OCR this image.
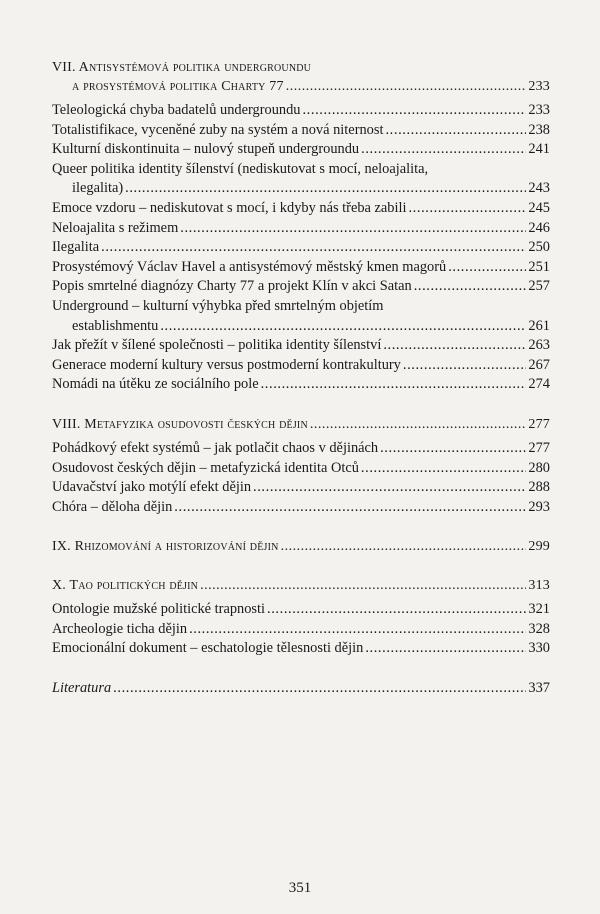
VII. Antisystémová politika undergroundu
a prosystémová politika Charty 77 . . .	233
Teleologická chyba badatelů undergroundu . . .	233
Totalistifikace, vyceněné zuby na systém a nová niternost . . .	238
Kulturní diskontinuita – nulový stupeň undergroundu . . .	241
Queer politika identity šílenství (nediskutovat s mocí, neloajalita,
ilegalita) . . .	243
Emoce vzdoru – nediskutovat s mocí, i kdyby nás třeba zabili . . .	245
Neloajalita s režimem . . .	246
Ilegalita . . .	250
Prosystémový Václav Havel a antisystémový městský kmen magorů . . .	251
Popis smrtelné diagnózy Charty 77 a projekt Klín v akci Satan . . .	257
Underground – kulturní výhybka před smrtelným objetím
establishmentu . . .	261
Jak přežít v šílené společnosti – politika identity šílenství . . .	263
Generace moderní kultury versus postmoderní kontrakultury . . .	267
Nomádi na útěku ze sociálního pole . . .	274
VIII. Metafyzika osudovosti českých dějin . . .	277
Pohádkový efekt systémů – jak potlačit chaos v dějinách . . .	277
Osudovost českých dějin – metafyzická identita Otců . . .	280
Udavačství jako motýlí efekt dějin . . .	288
Chóra – děloha dějin . . .	293
IX. Rhizomování a historizování dějin . . .	299
X. Tao politických dějin . . .	313
Ontologie mužské politické trapnosti . . .	321
Archeologie ticha dějin . . .	328
Emocionální dokument – eschatologie tělesnosti dějin . . .	330
Literatura . . .	337
351
